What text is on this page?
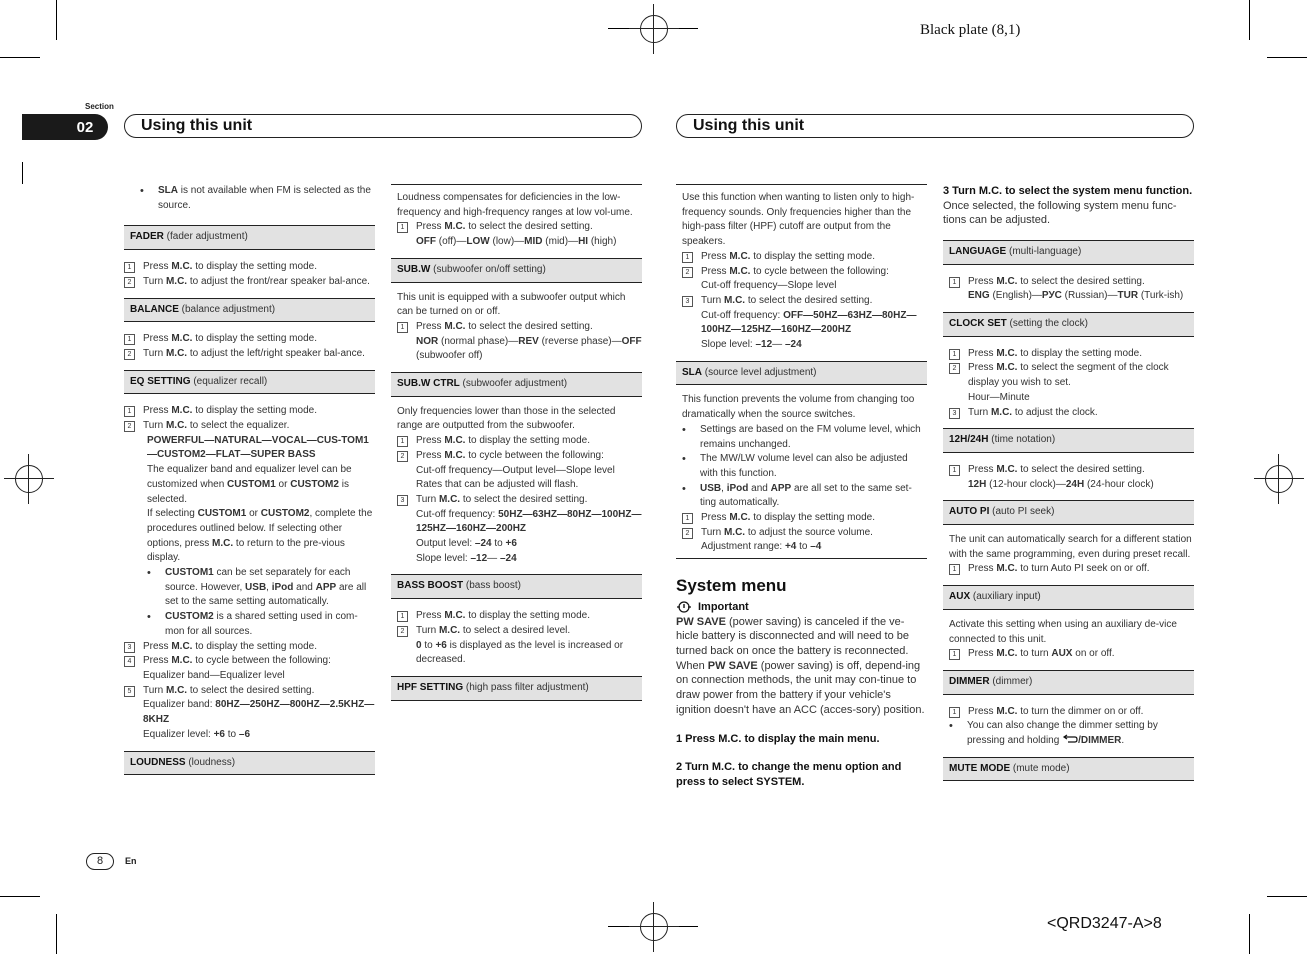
Black plate (8,1)
<QRD3247-A>8
Section
02	Using this unit	Using this unit
•	SLA is not available when FM is selected as the source.
FADER (fader adjustment)
1	Press M.C. to display the setting mode.
2	Turn M.C. to adjust the front/rear speaker bal-ance.
BALANCE (balance adjustment)
1	Press M.C. to display the setting mode.
2	Turn M.C. to adjust the left/right speaker bal-ance.
EQ SETTING (equalizer recall)
1	Press M.C. to display the setting mode.
2	Turn M.C. to select the equalizer.
POWERFUL—NATURAL—VOCAL—CUS-TOM1—CUSTOM2—FLAT—SUPER BASS
The equalizer band and equalizer level can be customized when CUSTOM1 or CUSTOM2 is selected.
If selecting CUSTOM1 or CUSTOM2, complete the procedures outlined below. If selecting other options, press M.C. to return to the pre-vious display.
•	CUSTOM1 can be set separately for each source. However, USB, iPod and APP are all set to the same setting automatically.
•	CUSTOM2 is a shared setting used in com-mon for all sources.
3	Press M.C. to display the setting mode.
4	Press M.C. to cycle between the following:
Equalizer band—Equalizer level
5	Turn M.C. to select the desired setting.
Equalizer band: 80HZ—250HZ—800HZ—2.5KHZ—8KHZ
Equalizer level: +6 to –6
LOUDNESS (loudness)
Loudness compensates for deficiencies in the low-frequency and high-frequency ranges at low vol-ume.
1	Press M.C. to select the desired setting.
OFF (off)—LOW (low)—MID (mid)—HI (high)
SUB.W (subwoofer on/off setting)
This unit is equipped with a subwoofer output which can be turned on or off.
1	Press M.C. to select the desired setting.
NOR (normal phase)—REV (reverse phase)—OFF (subwoofer off)
SUB.W CTRL (subwoofer adjustment)
Only frequencies lower than those in the selected range are outputted from the subwoofer.
1	Press M.C. to display the setting mode.
2	Press M.C. to cycle between the following:
Cut-off frequency—Output level—Slope level
Rates that can be adjusted will flash.
3	Turn M.C. to select the desired setting.
Cut-off frequency: 50HZ—63HZ—80HZ—100HZ—125HZ—160HZ—200HZ
Output level: –24 to +6
Slope level: –12— –24
BASS BOOST (bass boost)
1	Press M.C. to display the setting mode.
2	Turn M.C. to select a desired level.
0 to +6 is displayed as the level is increased or decreased.
HPF SETTING (high pass filter adjustment)
Use this function when wanting to listen only to high-frequency sounds. Only frequencies higher than the high-pass filter (HPF) cutoff are output from the speakers.
1	Press M.C. to display the setting mode.
2	Press M.C. to cycle between the following:
Cut-off frequency—Slope level
3	Turn M.C. to select the desired setting.
Cut-off frequency: OFF—50HZ—63HZ—80HZ—100HZ—125HZ—160HZ—200HZ
Slope level: –12— –24
SLA (source level adjustment)
This function prevents the volume from changing too dramatically when the source switches.
•	Settings are based on the FM volume level, which remains unchanged.
•	The MW/LW volume level can also be adjusted with this function.
•	USB, iPod and APP are all set to the same set-ting automatically.
1	Press M.C. to display the setting mode.
2	Turn M.C. to adjust the source volume.
Adjustment range: +4 to –4
System menu
Important
PW SAVE (power saving) is canceled if the ve-hicle battery is disconnected and will need to be turned back on once the battery is reconnected. When PW SAVE (power saving) is off, depend-ing on connection methods, the unit may con-tinue to draw power from the battery if your vehicle's ignition doesn't have an ACC (acces-sory) position.
1 Press M.C. to display the main menu.
2 Turn M.C. to change the menu option and press to select SYSTEM.
3 Turn M.C. to select the system menu function.
Once selected, the following system menu func-tions can be adjusted.
LANGUAGE (multi-language)
1	Press M.C. to select the desired setting.
ENG (English)—РУС (Russian)—TUR (Turk-ish)
CLOCK SET (setting the clock)
1	Press M.C. to display the setting mode.
2	Press M.C. to select the segment of the clock display you wish to set.
Hour—Minute
3	Turn M.C. to adjust the clock.
12H/24H (time notation)
1	Press M.C. to select the desired setting.
12H (12-hour clock)—24H (24-hour clock)
AUTO PI (auto PI seek)
The unit can automatically search for a different station with the same programming, even during preset recall.
1	Press M.C. to turn Auto PI seek on or off.
AUX (auxiliary input)
Activate this setting when using an auxiliary de-vice connected to this unit.
1	Press M.C. to turn AUX on or off.
DIMMER (dimmer)
1	Press M.C. to turn the dimmer on or off.
•	You can also change the dimmer setting by pressing and holding /DIMMER.
MUTE MODE (mute mode)
8	En
